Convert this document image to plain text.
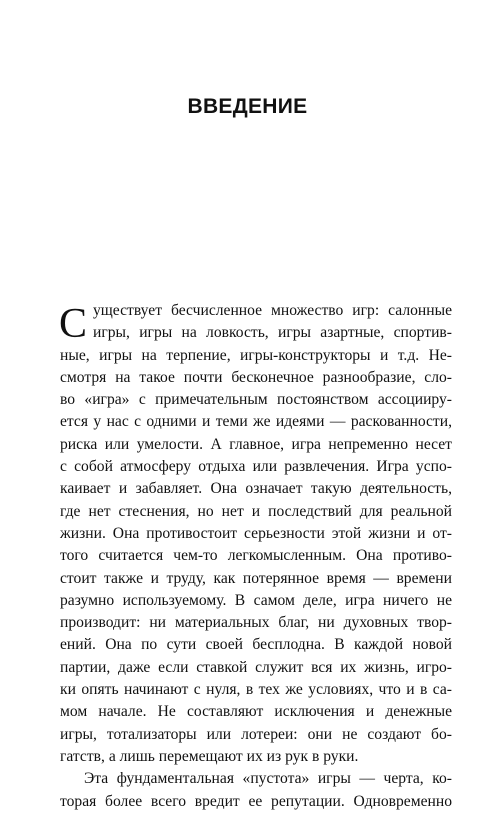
ВВЕДЕНИЕ
С уществует бесчисленное множество игр: салонные
игры, игры на ловкость, игры азартные, спортив-
ные, игры на терпение, игры-конструкторы и т.д. Не-
смотря на такое почти бесконечное разнообразие, сло-
во «игра» с примечательным постоянством ассоцииру-
ется у нас с одними и теми же идеями — раскованности,
риска или умелости. А главное, игра непременно несет
с собой атмосферу отдыха или развлечения. Игра успо-
каивает и забавляет. Она означает такую деятельность,
где нет стеснения, но нет и последствий для реальной
жизни. Она противостоит серьезности этой жизни и от-
того считается чем-то легкомысленным. Она противо-
стоит также и труду, как потерянное время — времени
разумно используемому. В самом деле, игра ничего не
производит: ни материальных благ, ни духовных твоp-
ений. Она по сути своей бесплодна. В каждой новой
партии, даже если ставкой служит вся их жизнь, игро-
ки опять начинают с нуля, в тех же условиях, что и в са-
мом начале. Не составляют исключения и денежные
игры, тотализаторы или лотереи: они не создают бо-
гатств, а лишь перемещают их из рук в руки.
Эта фундаментальная «пустота» игры — черта, ко-
торая более всего вредит ее репутации. Одновременно
